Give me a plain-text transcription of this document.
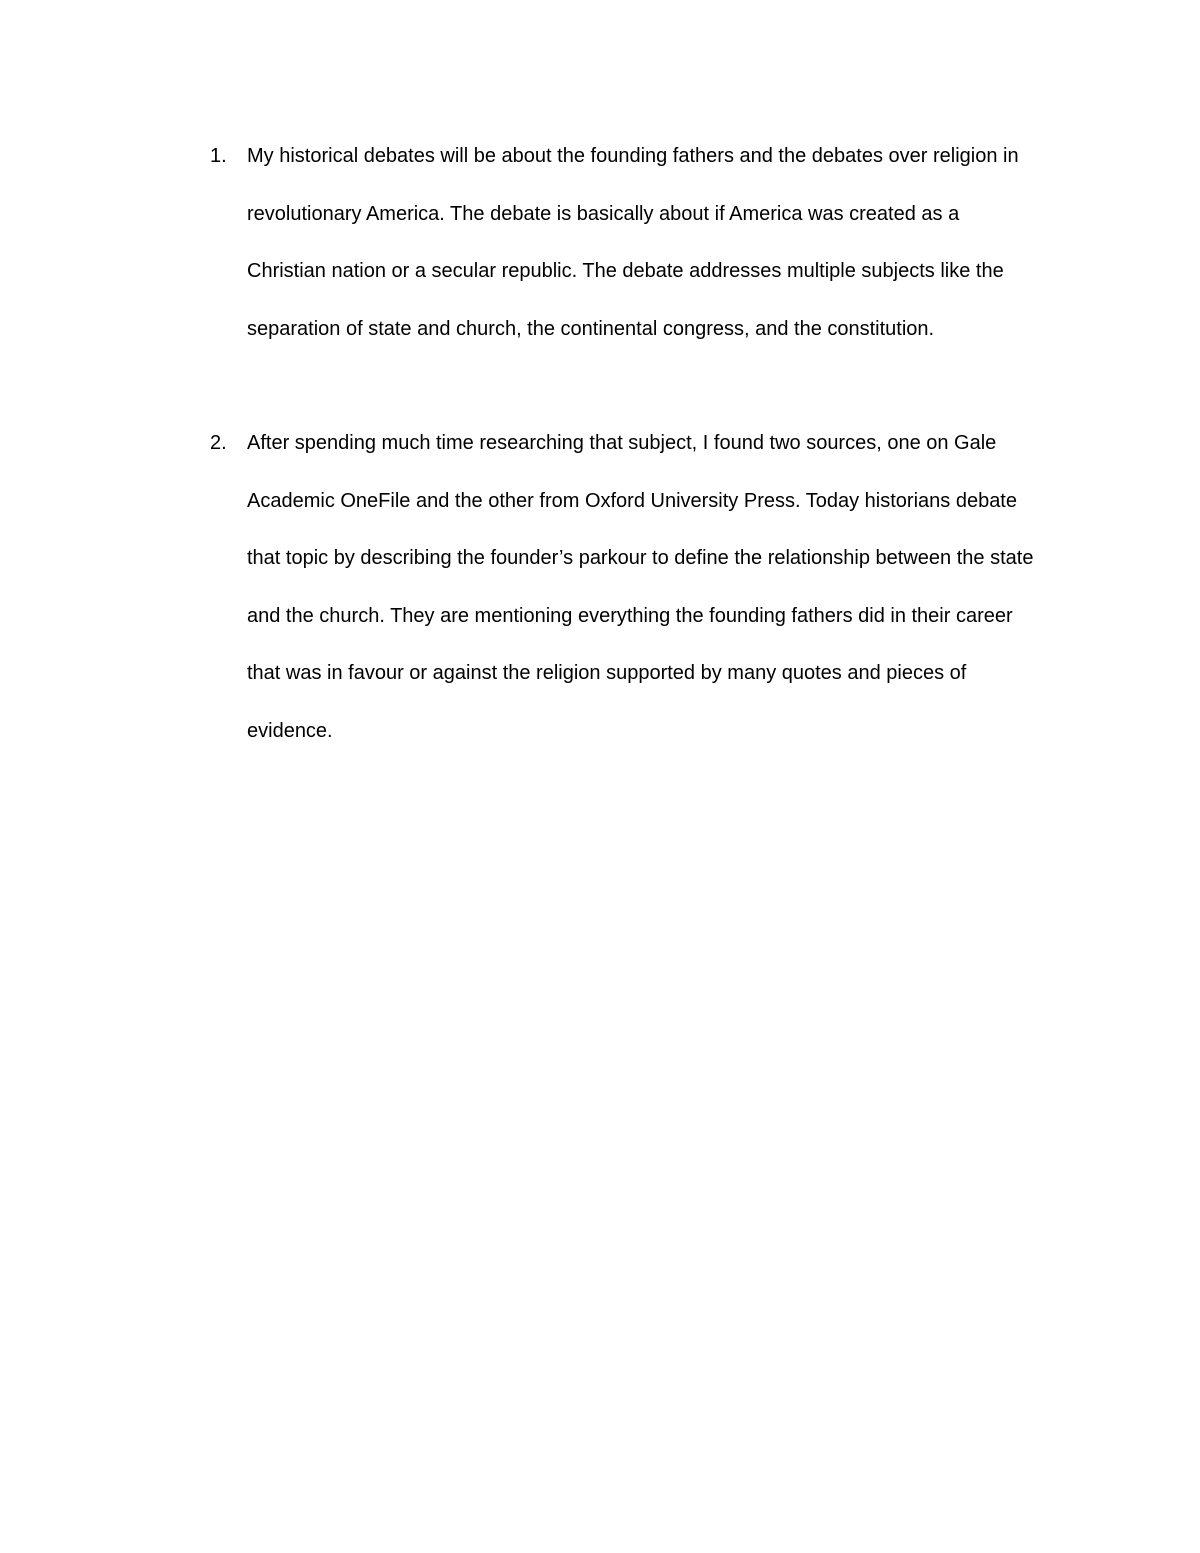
1. My historical debates will be about the founding fathers and the debates over religion in revolutionary America. The debate is basically about if America was created as a Christian nation or a secular republic. The debate addresses multiple subjects like the separation of state and church, the continental congress, and the constitution.
2. After spending much time researching that subject, I found two sources, one on Gale Academic OneFile and the other from Oxford University Press. Today historians debate that topic by describing the founder’s parkour to define the relationship between the state and the church. They are mentioning everything the founding fathers did in their career that was in favour or against the religion supported by many quotes and pieces of evidence.
